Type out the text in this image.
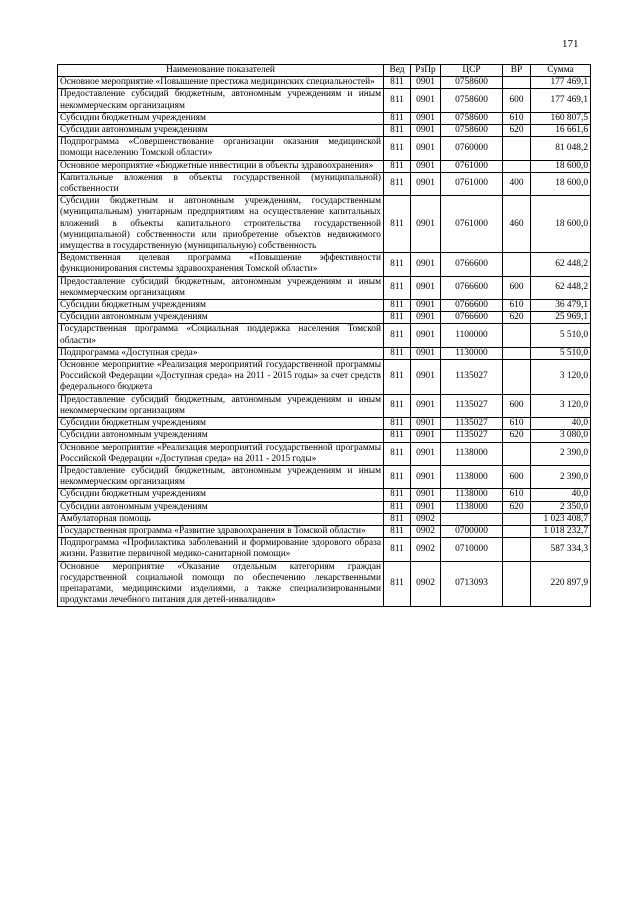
171
Наименование показателей	Вед	РзПр	ЦСР	ВР	Сумма
Основное мероприятие «Повышение престижа медицинских специальностей»	811	0901	0758600		177 469,1
Предоставление субсидий бюджетным, автономным учреждениям и иным некоммерческим организациям	811	0901	0758600	600	177 469,1
Субсидии бюджетным учреждениям	811	0901	0758600	610	160 807,5
Субсидии автономным учреждениям	811	0901	0758600	620	16 661,6
Подпрограмма «Совершенствование организации оказания медицинской помощи населению Томской области»	811	0901	0760000		81 048,2
Основное мероприятие «Бюджетные инвестиции в объекты здравоохранения»	811	0901	0761000		18 600,0
Капитальные вложения в объекты государственной (муниципальной) собственности	811	0901	0761000	400	18 600,0
Субсидии бюджетным и автономным учреждениям, государственным (муниципальным) унитарным предприятиям на осуществление капитальных вложений в объекты капитального строительства государственной (муниципальной) собственности или приобретение объектов недвижимого имущества в государственную (муниципальную) собственность	811	0901	0761000	460	18 600,0
Ведомственная целевая программа «Повышение эффективности функционирования системы здравоохранения Томской области»	811	0901	0766600		62 448,2
Предоставление субсидий бюджетным, автономным учреждениям и иным некоммерческим организациям	811	0901	0766600	600	62 448,2
Субсидии бюджетным учреждениям	811	0901	0766600	610	36 479,1
Субсидии автономным учреждениям	811	0901	0766600	620	25 969,1
Государственная программа «Социальная поддержка населения Томской области»	811	0901	1100000		5 510,0
Подпрограмма «Доступная среда»	811	0901	1130000		5 510,0
Основное мероприятие «Реализация мероприятий государственной программы Российской Федерации «Доступная среда» на 2011 - 2015 годы» за счет средств федерального бюджета	811	0901	1135027		3 120,0
Предоставление субсидий бюджетным, автономным учреждениям и иным некоммерческим организациям	811	0901	1135027	600	3 120,0
Субсидии бюджетным учреждениям	811	0901	1135027	610	40,0
Субсидии автономным учреждениям	811	0901	1135027	620	3 080,0
Основное мероприятие «Реализация мероприятий государственной программы Российской Федерации «Доступная среда» на 2011 - 2015 годы»	811	0901	1138000		2 390,0
Предоставление субсидий бюджетным, автономным учреждениям и иным некоммерческим организациям	811	0901	1138000	600	2 390,0
Субсидии бюджетным учреждениям	811	0901	1138000	610	40,0
Субсидии автономным учреждениям	811	0901	1138000	620	2 350,0
Амбулаторная помощь	811	0902			1 023 408,7
Государственная программа «Развитие здравоохранения в Томской области»	811	0902	0700000		1 018 232,7
Подпрограмма «Профилактика заболеваний и формирование здорового образа жизни. Развитие первичной медико-санитарной помощи»	811	0902	0710000		587 334,3
Основное мероприятие «Оказание отдельным категориям граждан государственной социальной помощи по обеспечению лекарственными препаратами, медицинскими изделиями, а также специализированными продуктами лечебного питания для детей-инвалидов»	811	0902	0713093		220 897,9
